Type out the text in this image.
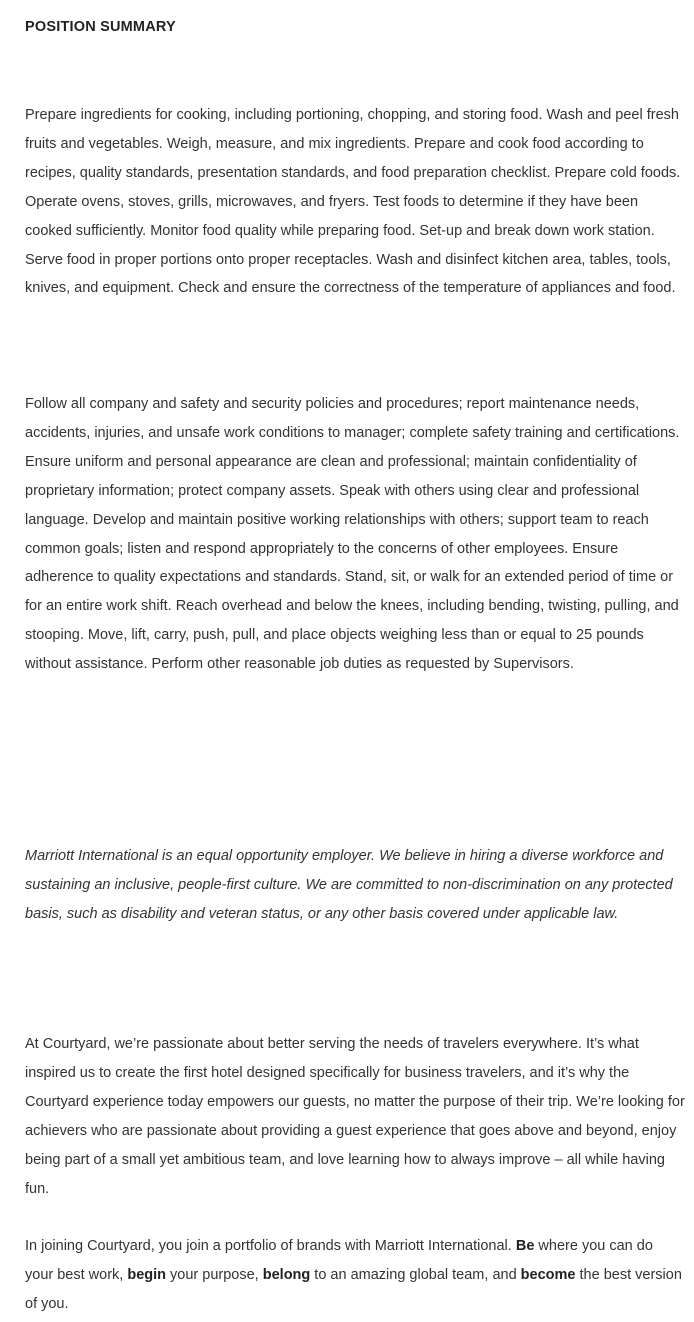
POSITION SUMMARY

Prepare ingredients for cooking, including portioning, chopping, and storing food. Wash and peel fresh fruits and vegetables. Weigh, measure, and mix ingredients. Prepare and cook food according to recipes, quality standards, presentation standards, and food preparation checklist. Prepare cold foods. Operate ovens, stoves, grills, microwaves, and fryers. Test foods to determine if they have been cooked sufficiently. Monitor food quality while preparing food. Set-up and break down work station. Serve food in proper portions onto proper receptacles. Wash and disinfect kitchen area, tables, tools, knives, and equipment. Check and ensure the correctness of the temperature of appliances and food.

Follow all company and safety and security policies and procedures; report maintenance needs, accidents, injuries, and unsafe work conditions to manager; complete safety training and certifications. Ensure uniform and personal appearance are clean and professional; maintain confidentiality of proprietary information; protect company assets. Speak with others using clear and professional language. Develop and maintain positive working relationships with others; support team to reach common goals; listen and respond appropriately to the concerns of other employees. Ensure adherence to quality expectations and standards. Stand, sit, or walk for an extended period of time or for an entire work shift. Reach overhead and below the knees, including bending, twisting, pulling, and stooping. Move, lift, carry, push, pull, and place objects weighing less than or equal to 25 pounds without assistance. Perform other reasonable job duties as requested by Supervisors.

Marriott International is an equal opportunity employer. We believe in hiring a diverse workforce and sustaining an inclusive, people-first culture. We are committed to non-discrimination on any protected basis, such as disability and veteran status, or any other basis covered under applicable law.

At Courtyard, we’re passionate about better serving the needs of travelers everywhere. It’s what inspired us to create the first hotel designed specifically for business travelers, and it’s why the Courtyard experience today empowers our guests, no matter the purpose of their trip. We’re looking for achievers who are passionate about providing a guest experience that goes above and beyond, enjoy being part of a small yet ambitious team, and love learning how to always improve – all while having fun.

In joining Courtyard, you join a portfolio of brands with Marriott International. Be where you can do your best work, begin your purpose, belong to an amazing global team, and become the best version of you.
